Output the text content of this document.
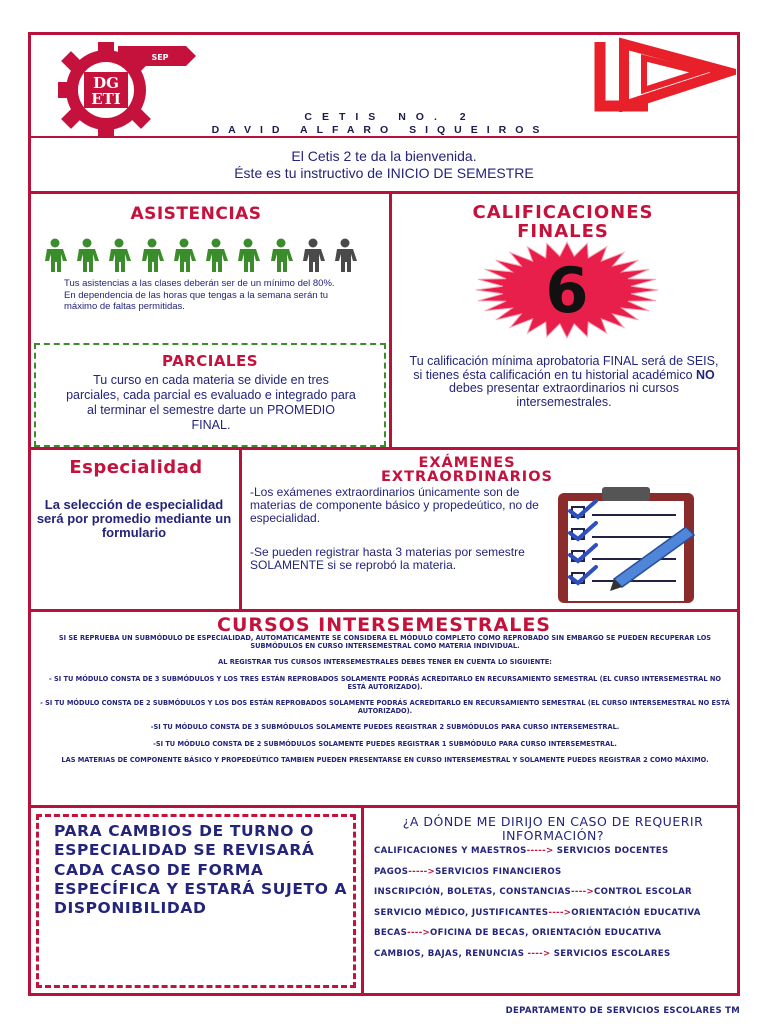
DG
ETI
SEP
CETIS NO. 2
DAVID ALFARO SIQUEIROS
El Cetis 2 te da la bienvenida.
Éste es tu instructivo de INICIO DE SEMESTRE
ASISTENCIAS
Tus asistencias a las clases deberán ser de un mínimo del 80%. En dependencia de las horas que tengas a la semana serán tu máximo de faltas permitidas.
PARCIALES
Tu curso en cada materia se divide en tres parciales, cada parcial es evaluado e integrado para al terminar el semestre darte un PROMEDIO FINAL.
CALIFICACIONES
FINALES
6
Tu calificación mínima aprobatoria FINAL será de SEIS, si tienes ésta calificación en tu historial académico NO debes presentar extraordinarios ni cursos intersemestrales.
Especialidad
La selección de especialidad será por promedio mediante un formulario
EXÁMENES
EXTRAORDINARIOS
-Los exámenes extraordinarios únicamente son de materias de componente básico y propedeútico, no de especialidad.
-Se pueden registrar hasta 3 materias por semestre SOLAMENTE si se reprobó la materia.
CURSOS INTERSEMESTRALES

SI SE REPRUEBA UN SUBMÓDULO DE ESPECIALIDAD, AUTOMATICAMENTE SE CONSIDERA EL MÓDULO COMPLETO COMO REPROBADO SIN EMBARGO SE PUEDEN RECUPERAR LOS SUBMÓDULOS EN CURSO INTERSEMESTRAL COMO MATERIA INDIVIDUAL.

AL REGISTRAR TUS CURSOS INTERSEMESTRALES DEBES TENER EN CUENTA LO SIGUIENTE:

- SI TU MÓDULO CONSTA DE 3 SUBMÓDULOS Y LOS TRES ESTÁN REPROBADOS SOLAMENTE PODRÁS ACREDITARLO EN RECURSAMIENTO SEMESTRAL (EL CURSO INTERSEMESTRAL NO ESTÁ AUTORIZADO).

- SI TU MÓDULO CONSTA DE 2 SUBMÓDULOS Y LOS DOS ESTÁN REPROBADOS SOLAMENTE PODRÁS ACREDITARLO EN RECURSAMIENTO SEMESTRAL (EL CURSO INTERSEMESTRAL NO ESTÁ AUTORIZADO).

-SI TU MÓDULO CONSTA DE 3 SUBMÓDULOS SOLAMENTE PUEDES REGISTRAR 2 SUBMÓDULOS PARA CURSO INTERSEMESTRAL.

-SI TU MÓDULO CONSTA DE 2 SUBMÓDULOS SOLAMENTE PUEDES REGISTRAR 1 SUBMÓDULO PARA CURSO INTERSEMESTRAL.

LAS MATERIAS DE COMPONENTE BÁSICO Y PROPEDEÚTICO TAMBIEN PUEDEN PRESENTARSE EN CURSO INTERSEMESTRAL Y SOLAMENTE PUEDES REGISTRAR 2 COMO MÁXIMO.

PARA CAMBIOS DE TURNO O ESPECIALIDAD SE REVISARÁ CADA CASO DE FORMA ESPECÍFICA Y ESTARÁ SUJETO A DISPONIBILIDAD
¿A DÓNDE ME DIRIJO EN CASO DE REQUERIR INFORMACIÓN?
CALIFICACIONES Y MAESTROS-----> SERVICIOS DOCENTES
PAGOS----->SERVICIOS FINANCIEROS
INSCRIPCIÓN, BOLETAS, CONSTANCIAS---->CONTROL ESCOLAR
SERVICIO MÉDICO, JUSTIFICANTES---->ORIENTACIÓN EDUCATIVA
BECAS---->OFICINA DE BECAS, ORIENTACIÓN EDUCATIVA
CAMBIOS, BAJAS, RENUNCIAS ----> SERVICIOS ESCOLARES
DEPARTAMENTO DE SERVICIOS ESCOLARES TM
